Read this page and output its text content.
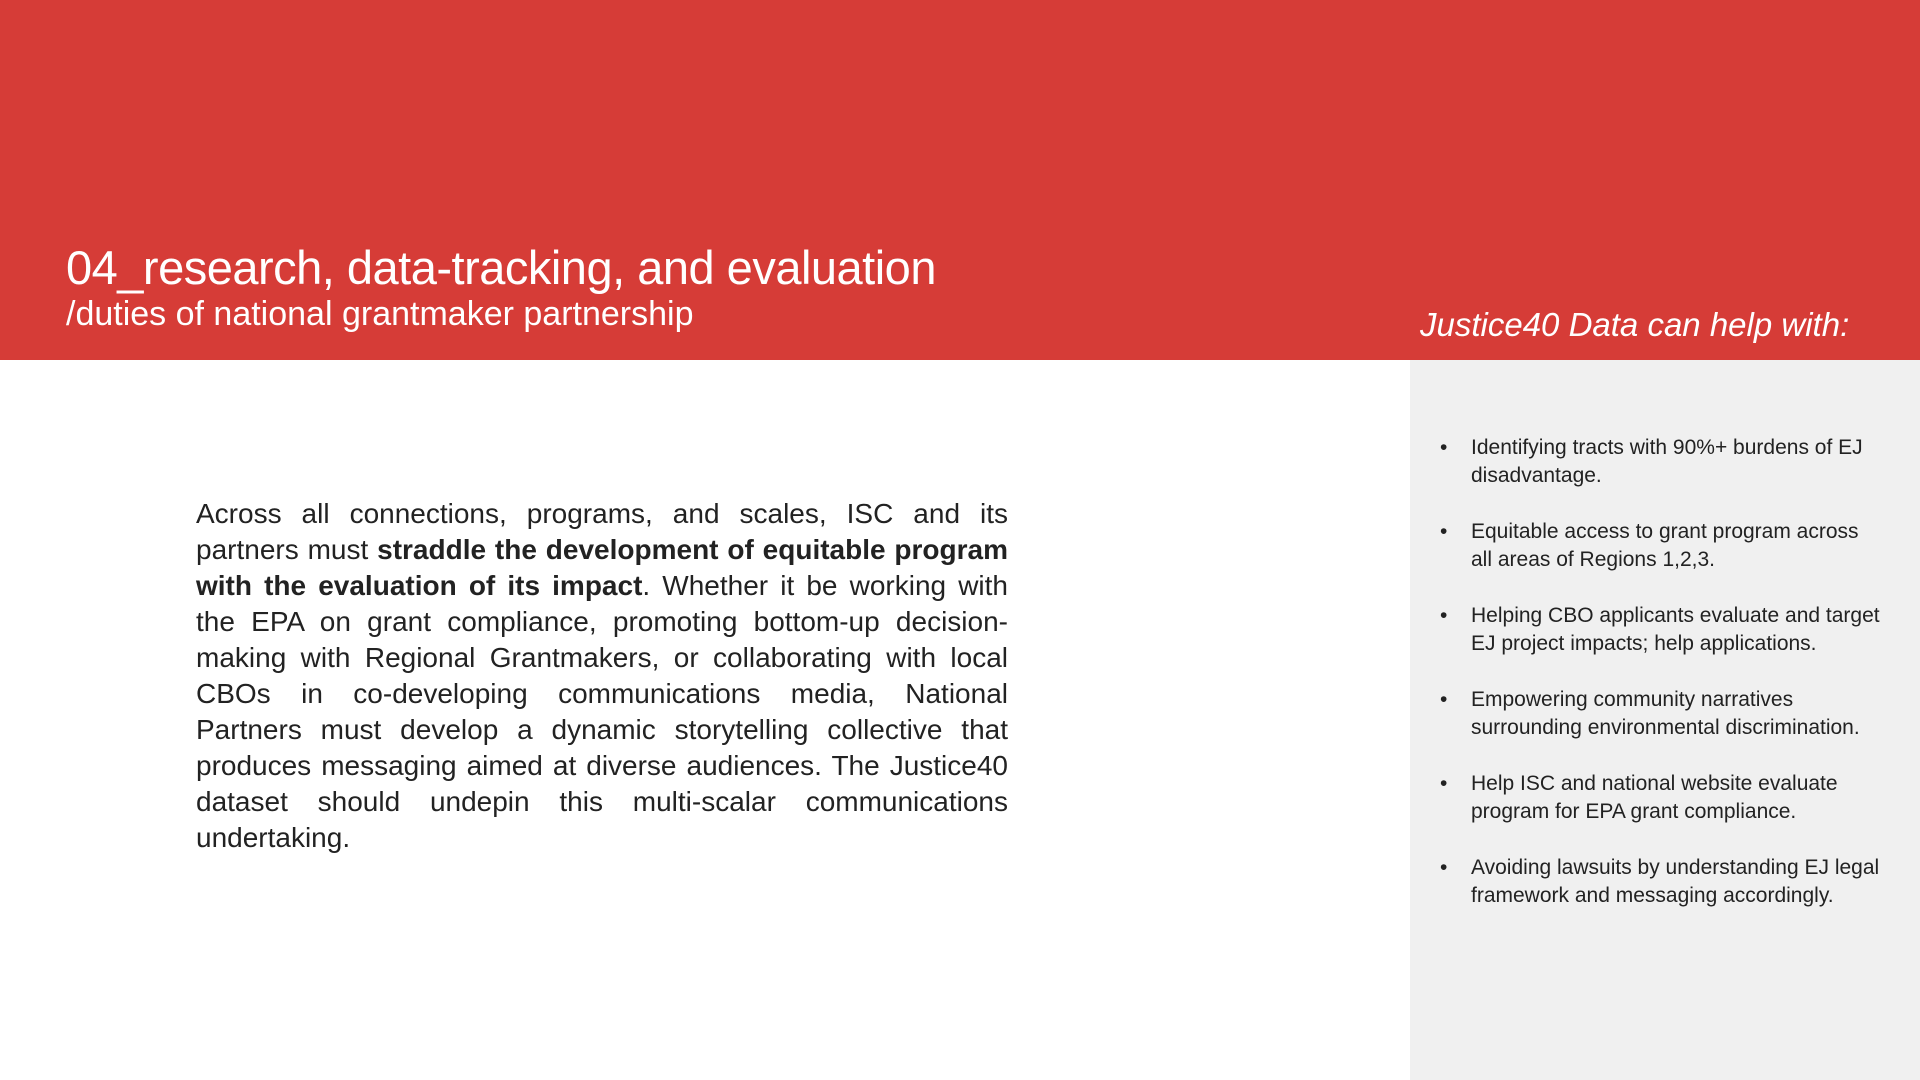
04_research, data-tracking, and evaluation
/duties of national grantmaker partnership	Justice40 Data can help with:

Across all connections, programs, and scales, ISC and its partners must straddle the development of equitable program with the evaluation of its impact. Whether it be working with the EPA on grant compliance, promoting bottom-up decision-making with Regional Grantmakers, or collaborating with local CBOs in co-developing communications media, National Partners must develop a dynamic storytelling collective that produces messaging aimed at diverse audiences. The Justice40 dataset should undepin this multi-scalar communications undertaking.

• Identifying tracts with 90%+ burdens of EJ disadvantage.
• Equitable access to grant program across all areas of Regions 1,2,3.
• Helping CBO applicants evaluate and target EJ project impacts; help applications.
• Empowering community narratives surrounding environmental discrimination.
• Help ISC and national website evaluate program for EPA grant compliance.
• Avoiding lawsuits by understanding EJ legal framework and messaging accordingly.
